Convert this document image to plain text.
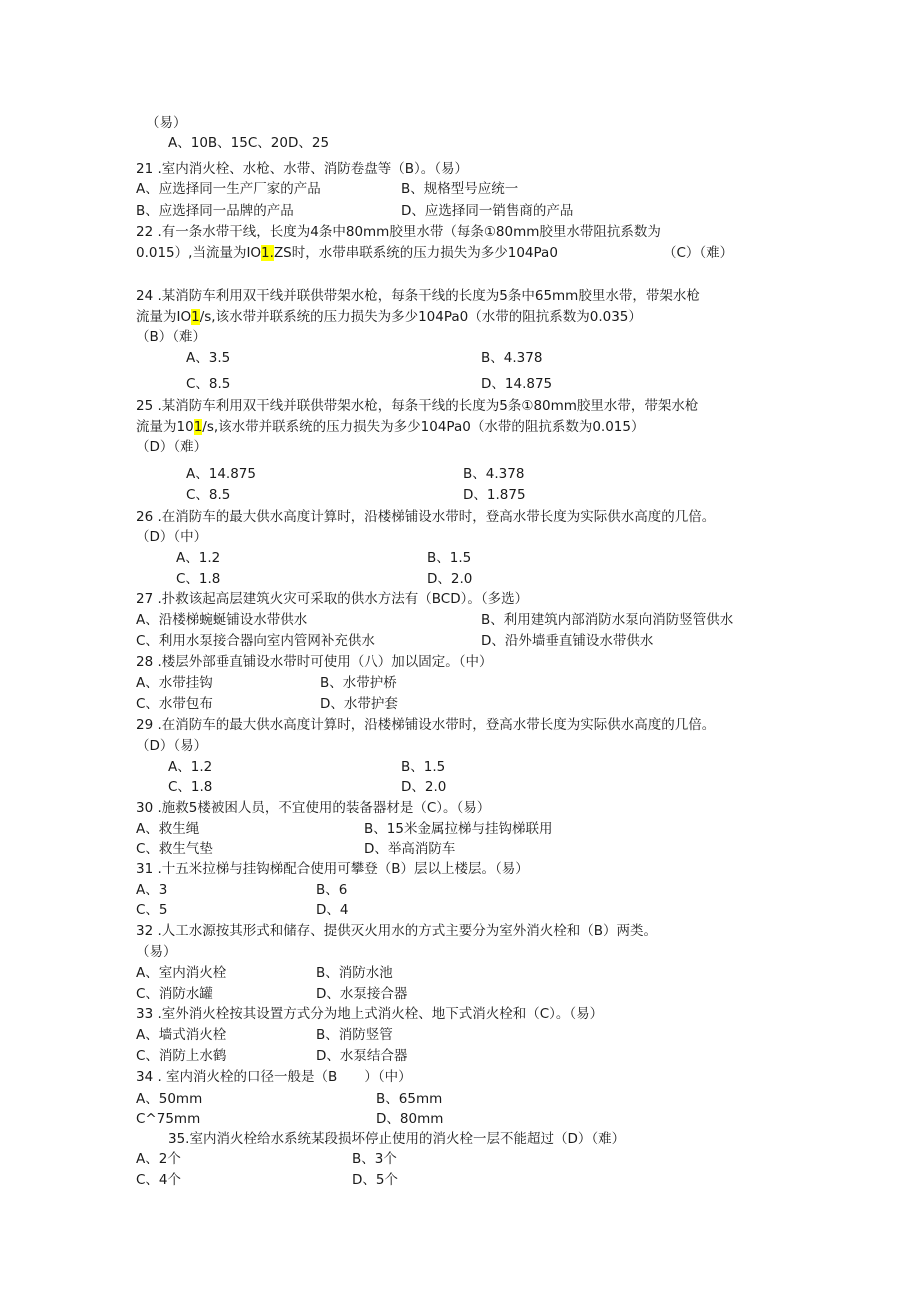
（易）
A、10B、15C、20D、25
21 .室内消火栓、水枪、水带、消防卷盘等（B）。（易）
A、应选择同一生产厂家的产品	B、规格型号应统一
B、应选择同一品牌的产品	D、应选择同一销售商的产品
22 .有一条水带干线，长度为4条中80mm胶里水带（每条①80mm胶里水带阻抗系数为
0.015）,当流量为IO1.ZS时，水带串联系统的压力损失为多少104Pa0	（C）（难）
24 .某消防车利用双干线并联供带架水枪，每条干线的长度为5条中65mm胶里水带，带架水枪
流量为IO1/s,该水带并联系统的压力损失为多少104Pa0（水带的阻抗系数为0.035）
（B）（难）
A、3.5	B、4.378
C、8.5	D、14.875
25 .某消防车利用双干线并联供带架水枪，每条干线的长度为5条①80mm胶里水带，带架水枪
流量为101/s,该水带并联系统的压力损失为多少104Pa0（水带的阻抗系数为0.015）
（D）（难）
A、14.875	B、4.378
C、8.5	D、1.875
26 .在消防车的最大供水高度计算时，沿楼梯铺设水带时，登高水带长度为实际供水高度的几倍。
（D）（中）
A、1.2	B、1.5
C、1.8	D、2.0
27 .扑救该起高层建筑火灾可采取的供水方法有（BCD）。（多选）
A、沿楼梯蜿蜒铺设水带供水	B、利用建筑内部消防水泵向消防竖管供水
C、利用水泵接合器向室内管网补充供水	D、沿外墙垂直铺设水带供水
28 .楼层外部垂直铺设水带时可使用（八）加以固定。（中）
A、水带挂钩	B、水带护桥
C、水带包布	D、水带护套
29 .在消防车的最大供水高度计算时，沿楼梯铺设水带时，登高水带长度为实际供水高度的几倍。
（D）（易）
A、1.2	B、1.5
C、1.8	D、2.0
30 .施救5楼被困人员，不宜使用的装备器材是（C）。（易）
A、救生绳	B、15米金属拉梯与挂钩梯联用
C、救生气垫	D、举高消防车
31 .十五米拉梯与挂钩梯配合使用可攀登（B）层以上楼层。（易）
A、3	B、6
C、5	D、4
32 .人工水源按其形式和储存、提供灭火用水的方式主要分为室外消火栓和（B）两类。
（易）
A、室内消火栓	B、消防水池
C、消防水罐	D、水泵接合器
33 .室外消火栓按其设置方式分为地上式消火栓、地下式消火栓和（C）。（易）
A、墙式消火栓	B、消防竖管
C、消防上水鹤	D、水泵结合器
34 . 室内消火栓的口径一般是（B　　）（中）
A、50mm	B、65mm
C^75mm	D、80mm
35.室内消火栓给水系统某段损坏停止使用的消火栓一层不能超过（D）（难）
A、2个	B、3个
C、4个	D、5个
